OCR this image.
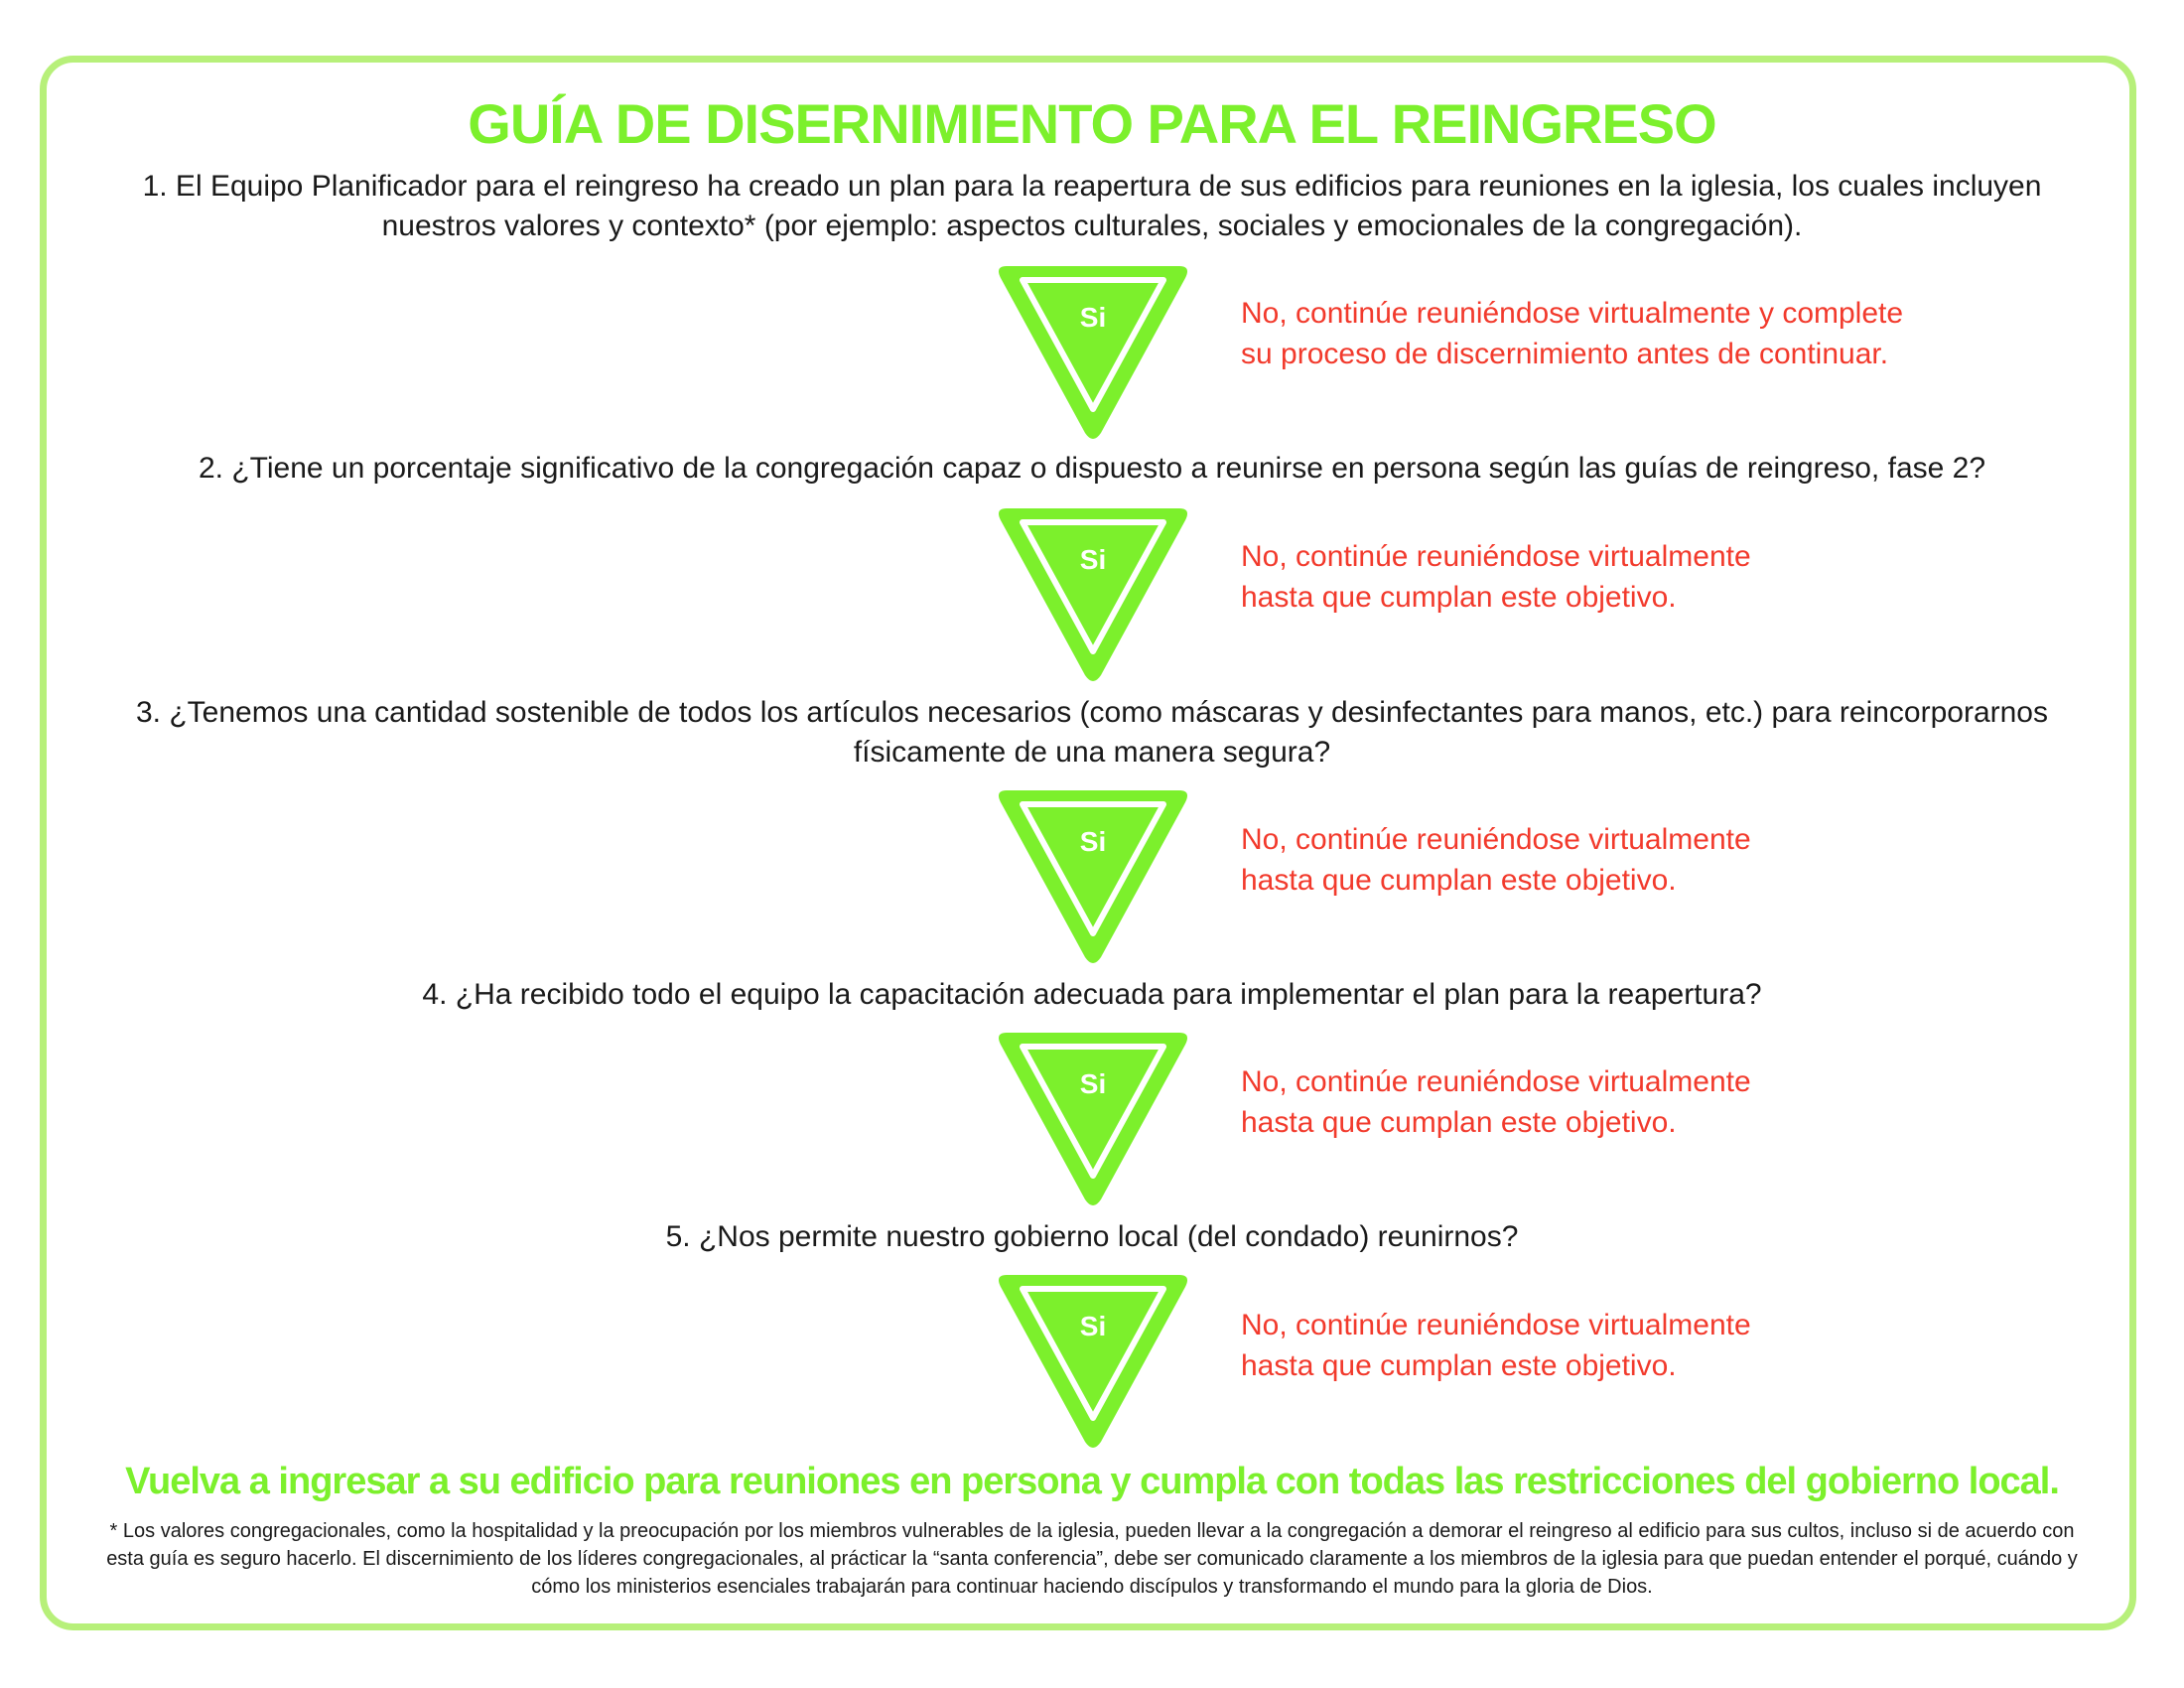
GUÍA DE DISERNIMIENTO PARA EL REINGRESO
1. El Equipo Planificador para el reingreso ha creado un plan para la reapertura de sus edificios para reuniones en la iglesia, los cuales incluyen nuestros valores y contexto* (por ejemplo: aspectos culturales, sociales y emocionales de la congregación).
Si	No, continúe reuniéndose virtualmente y complete
su proceso de discernimiento antes de continuar.
2. ¿Tiene un porcentaje significativo de la congregación capaz o dispuesto a reunirse en persona según las guías de reingreso, fase 2?
Si	No, continúe reuniéndose virtualmente
hasta que cumplan este objetivo.
3. ¿Tenemos una cantidad sostenible de todos los artículos necesarios (como máscaras y desinfectantes para manos, etc.) para reincorporarnos físicamente de una manera segura?
Si	No, continúe reuniéndose virtualmente
hasta que cumplan este objetivo.
4. ¿Ha recibido todo el equipo la capacitación adecuada para implementar el plan para la reapertura?
Si	No, continúe reuniéndose virtualmente
hasta que cumplan este objetivo.
5. ¿Nos permite nuestro gobierno local (del condado) reunirnos?
Si	No, continúe reuniéndose virtualmente
hasta que cumplan este objetivo.
Vuelva a ingresar a su edificio para reuniones en persona y cumpla con todas las restricciones del gobierno local.
* Los valores congregacionales, como la hospitalidad y la preocupación por los miembros vulnerables de la iglesia, pueden llevar a la congregación a demorar el reingreso al edificio para sus cultos, incluso si de acuerdo con esta guía es seguro hacerlo. El discernimiento de los líderes congregacionales, al prácticar la “santa conferencia”, debe ser comunicado claramente a los miembros de la iglesia para que puedan entender el porqué, cuándo y cómo los ministerios esenciales trabajarán para continuar haciendo discípulos y transformando el mundo para la gloria de Dios.
